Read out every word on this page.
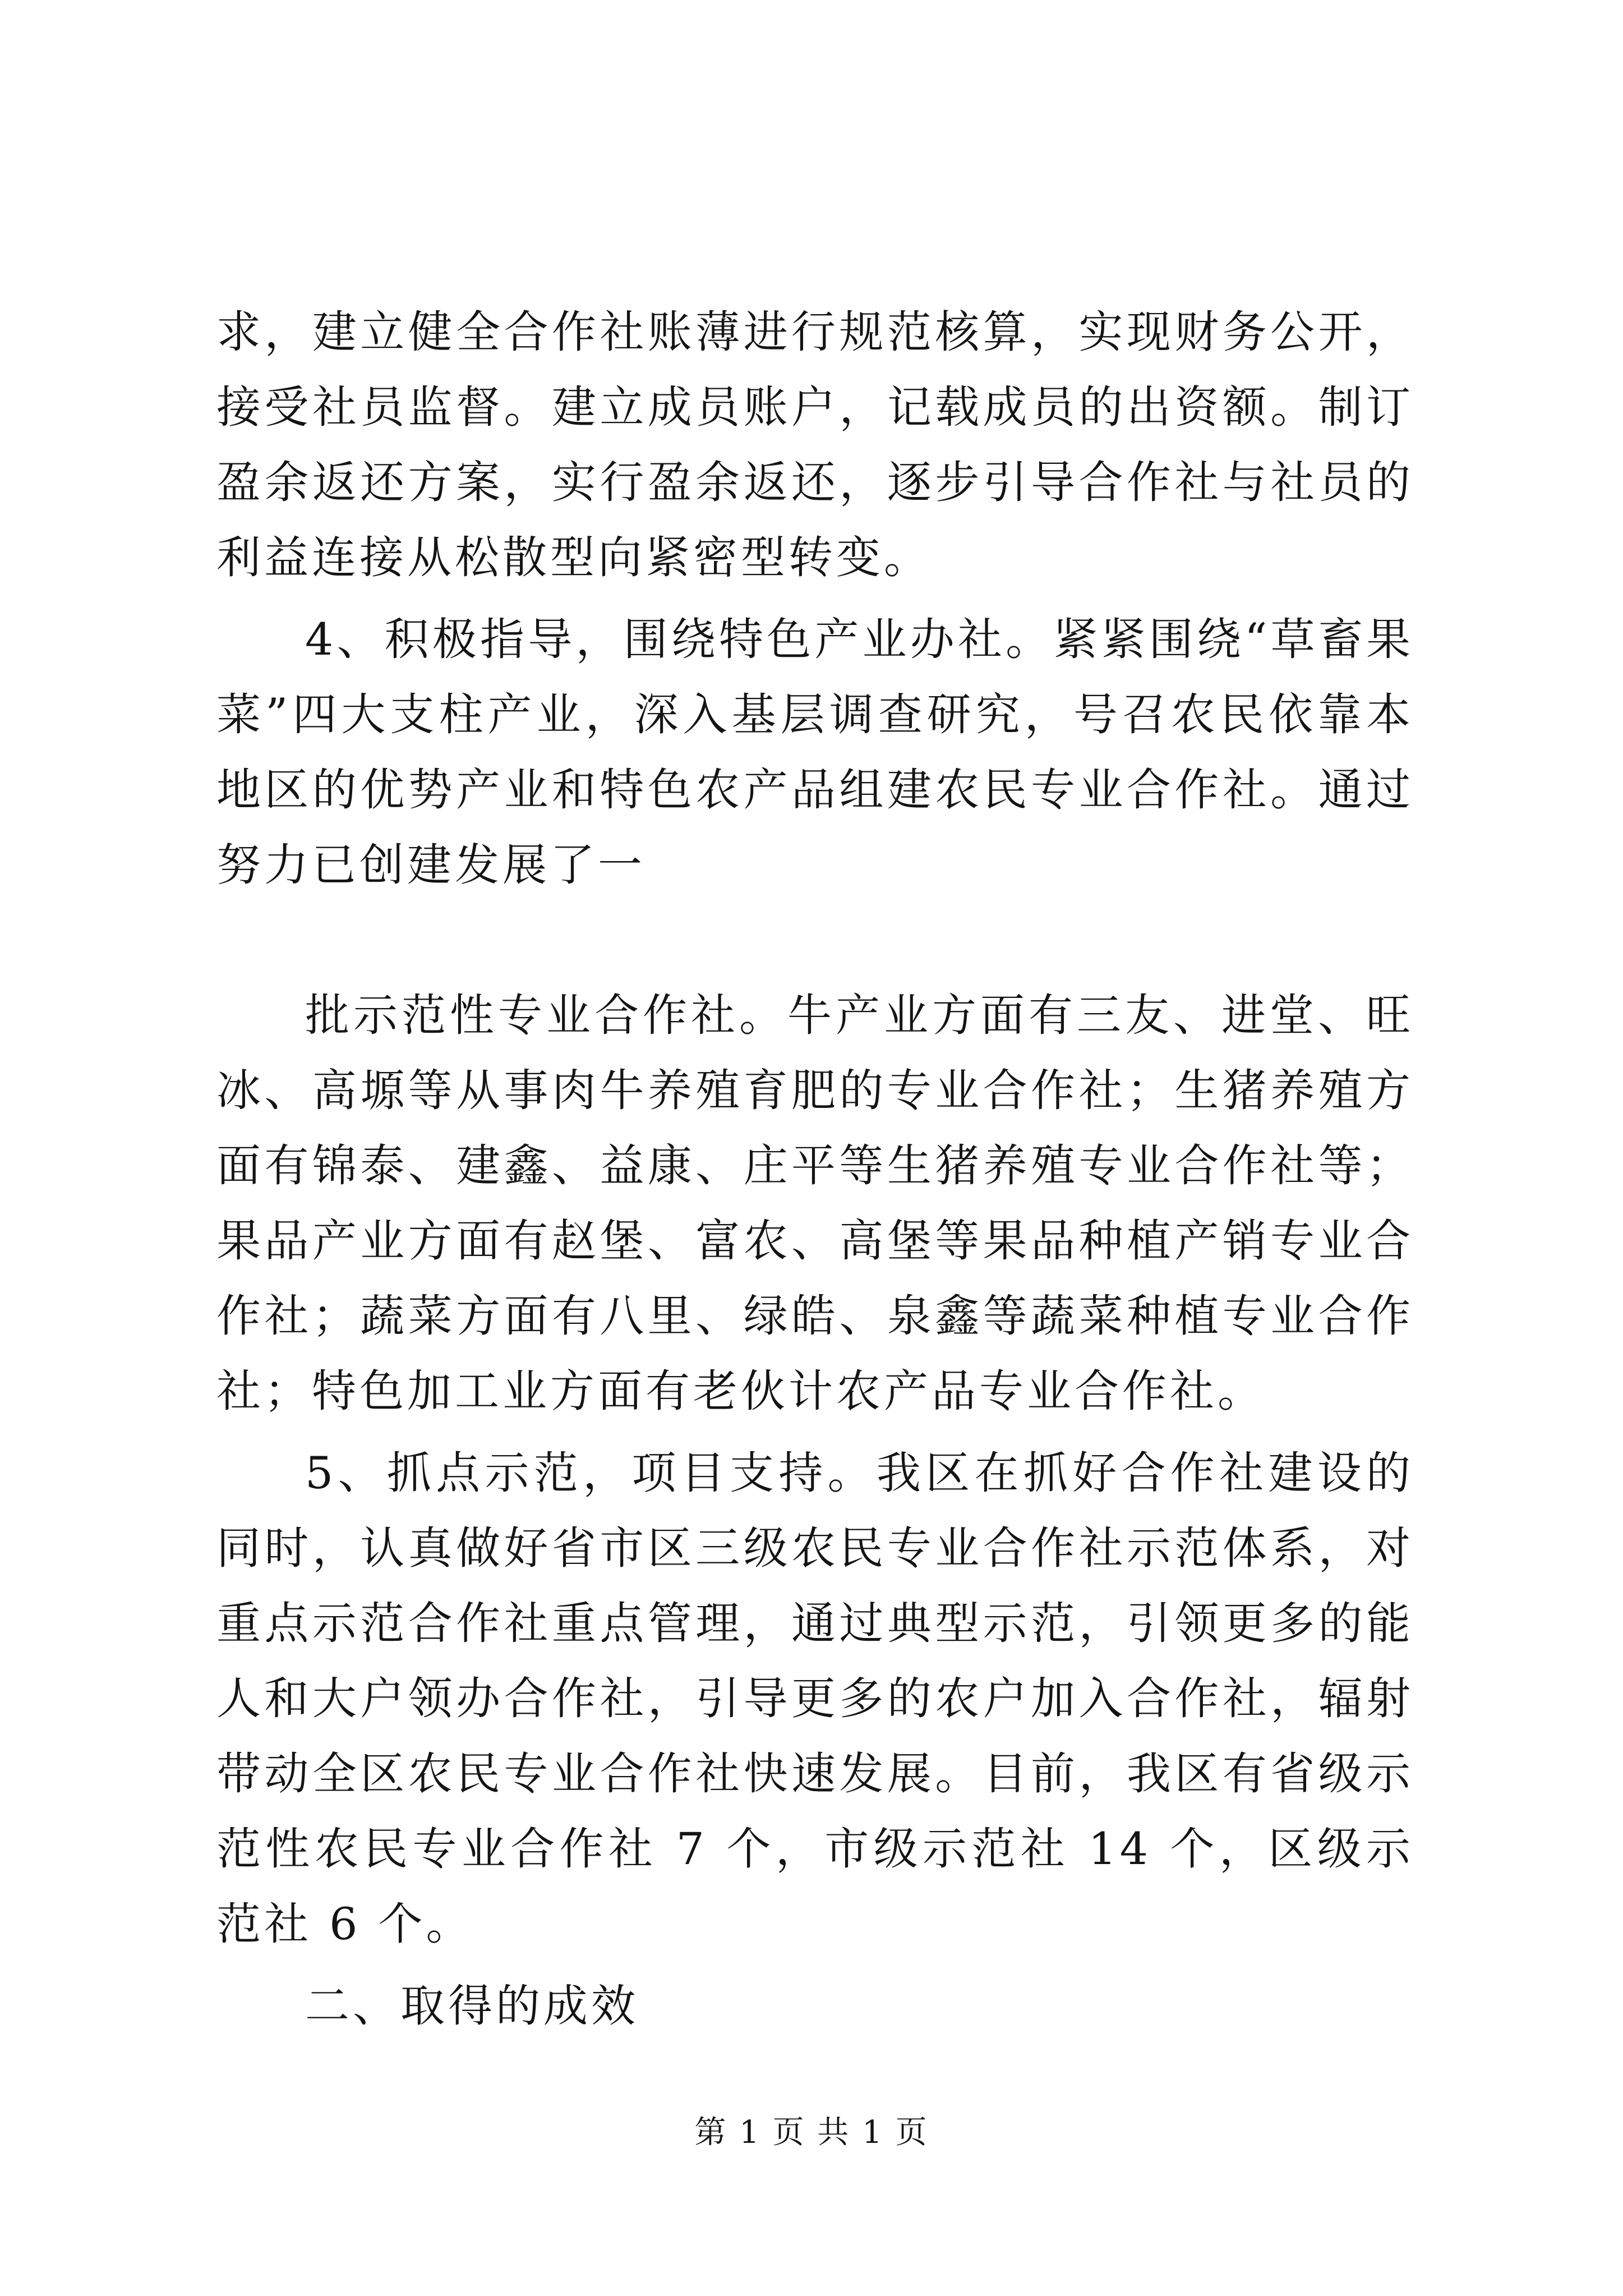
求，建立健全合作社账薄进行规范核算，实现财务公开，接受社员监督。建立成员账户，记载成员的出资额。制订盈余返还方案，实行盈余返还，逐步引导合作社与社员的利益连接从松散型向紧密型转变。

4、积极指导，围绕特色产业办社。紧紧围绕“草畜果菜”四大支柱产业，深入基层调查研究，号召农民依靠本地区的优势产业和特色农产品组建农民专业合作社。通过努力已创建发展了一

批示范性专业合作社。牛产业方面有三友、进堂、旺冰、高塬等从事肉牛养殖育肥的专业合作社；生猪养殖方面有锦泰、建鑫、益康、庄平等生猪养殖专业合作社等；果品产业方面有赵堡、富农、高堡等果品种植产销专业合作社；蔬菜方面有八里、绿皓、泉鑫等蔬菜种植专业合作社；特色加工业方面有老伙计农产品专业合作社。

5、抓点示范，项目支持。我区在抓好合作社建设的同时，认真做好省市区三级农民专业合作社示范体系，对重点示范合作社重点管理，通过典型示范，引领更多的能人和大户领办合作社，引导更多的农户加入合作社，辐射带动全区农民专业合作社快速发展。目前，我区有省级示范性农民专业合作社 7 个，市级示范社 14 个，区级示范社 6 个。

二、取得的成效

第 1 页 共 1 页
